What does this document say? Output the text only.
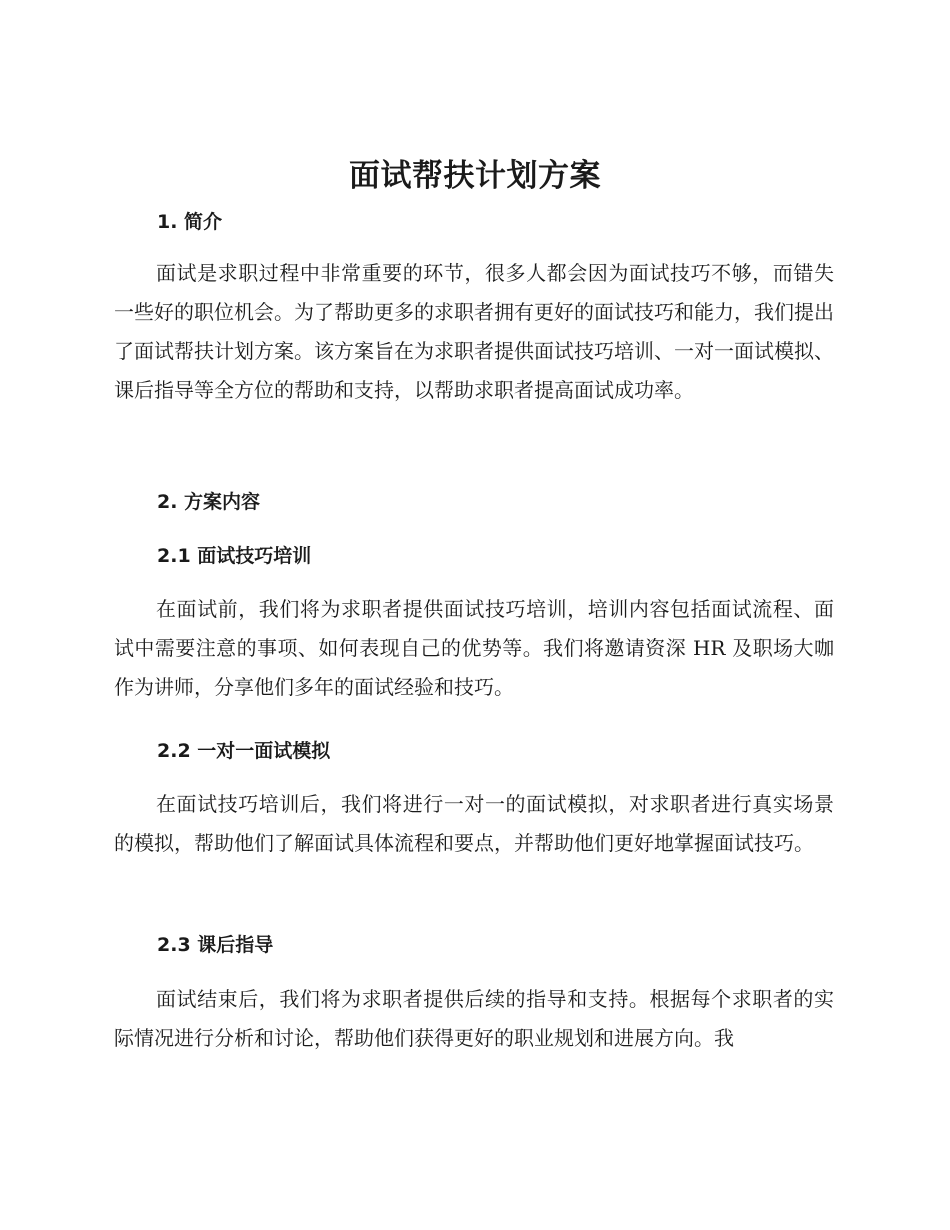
面试帮扶计划方案
1. 简介

面试是求职过程中非常重要的环节，很多人都会因为面试技巧不够，而错失一些好的职位机会。为了帮助更多的求职者拥有更好的面试技巧和能力，我们提出了面试帮扶计划方案。该方案旨在为求职者提供面试技巧培训、一对一面试模拟、课后指导等全方位的帮助和支持，以帮助求职者提高面试成功率。

2. 方案内容
2.1 面试技巧培训

在面试前，我们将为求职者提供面试技巧培训，培训内容包括面试流程、面试中需要注意的事项、如何表现自己的优势等。我们将邀请资深 HR 及职场大咖作为讲师，分享他们多年的面试经验和技巧。

2.2 一对一面试模拟

在面试技巧培训后，我们将进行一对一的面试模拟，对求职者进行真实场景的模拟，帮助他们了解面试具体流程和要点，并帮助他们更好地掌握面试技巧。

2.3 课后指导

面试结束后，我们将为求职者提供后续的指导和支持。根据每个求职者的实际情况进行分析和讨论，帮助他们获得更好的职业规划和进展方向。我
